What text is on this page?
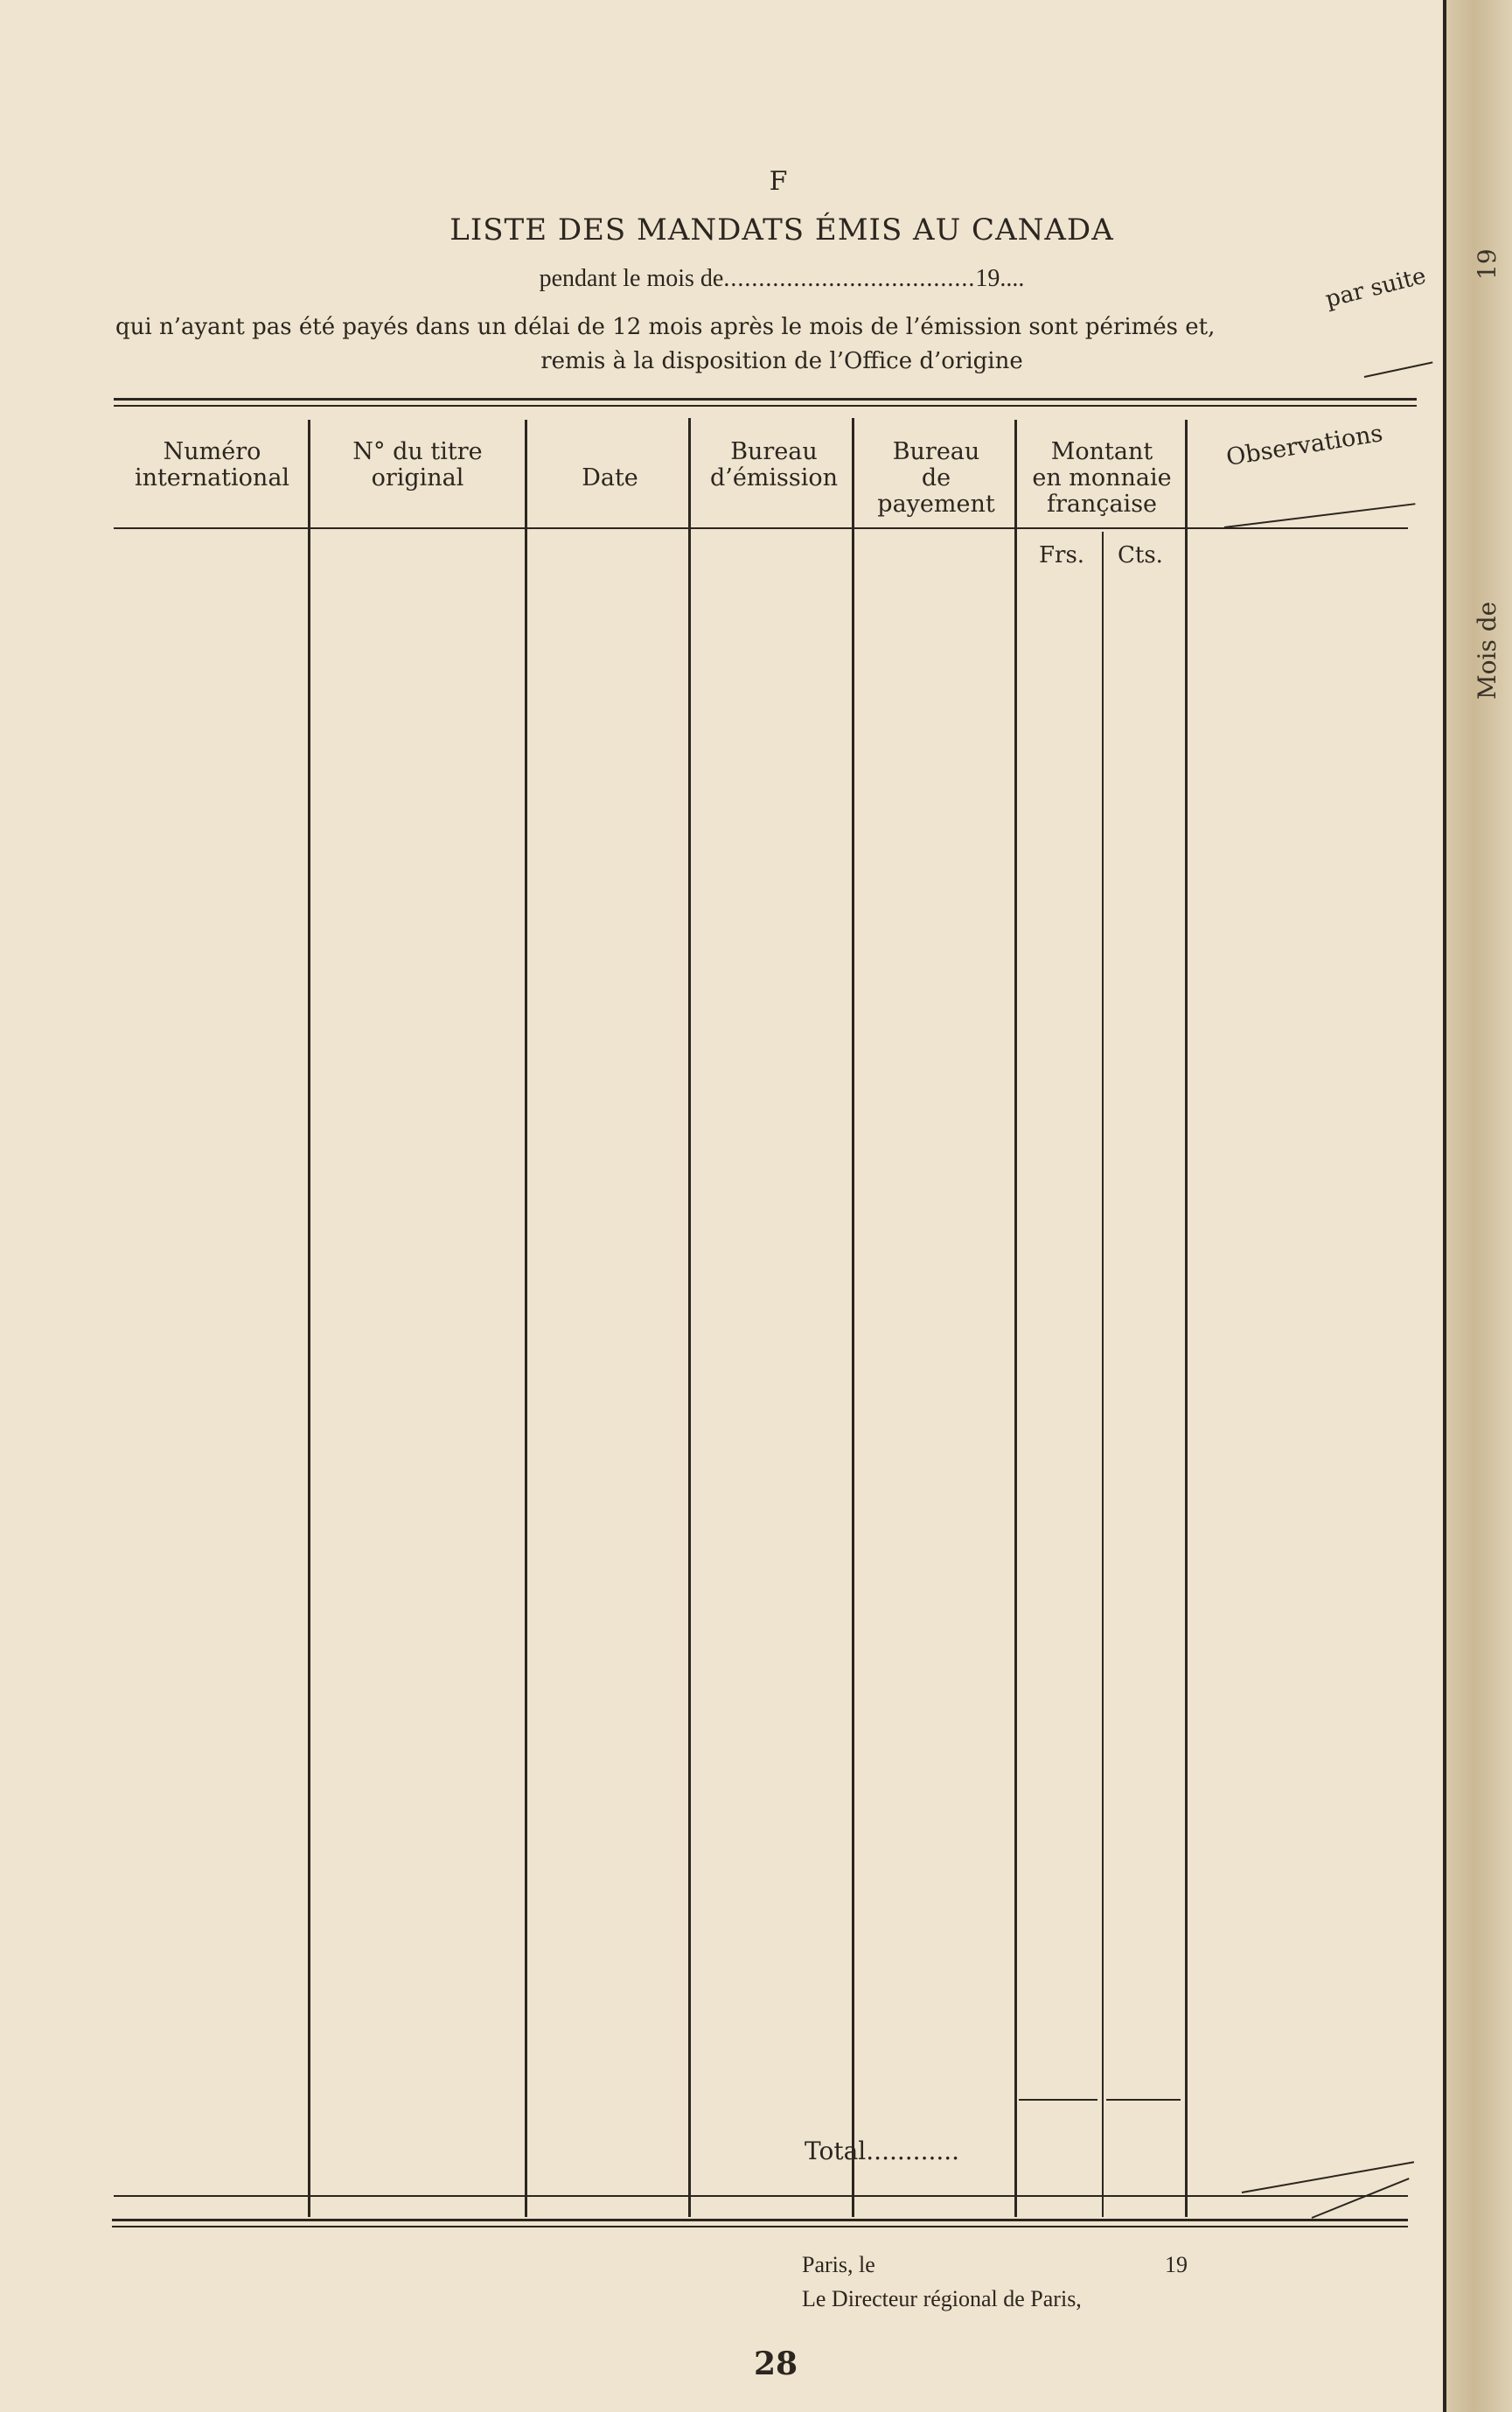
19
Mois de
F
LISTE DES MANDATS ÉMIS AU CANADA
pendant le mois de....................................19....
qui n’ayant pas été payés dans un délai de 12 mois après le mois de l’émission sont périmés et,
par suite
remis à la disposition de l’Office d’origine
Numéro
international
N° du titre
original	Date
Bureau
d’émission
Bureau
de
payement
Montant
en monnaie
française
Observations
Frs. Cts.
Total............
Paris, le	19
Le Directeur régional de Paris,
28
